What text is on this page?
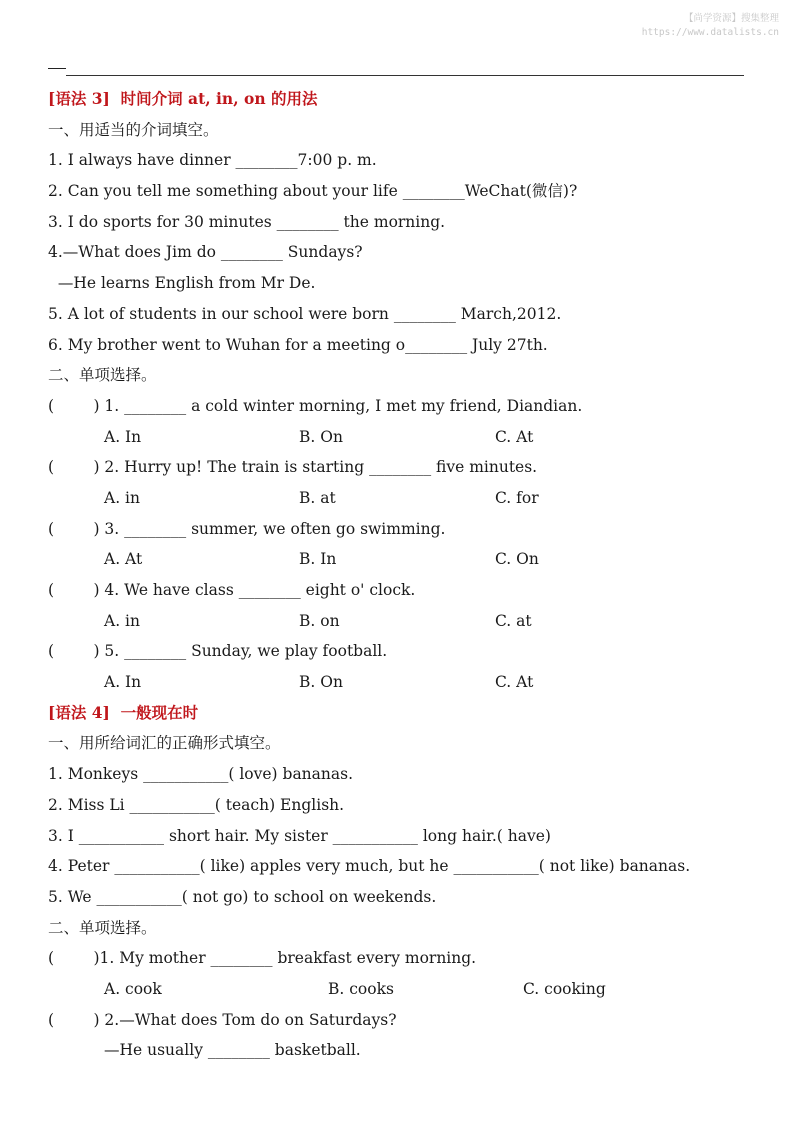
【尚学资源】搜集整理
https://www.datalists.cn
[语法 3]  时间介词 at, in, on 的用法
一、用适当的介词填空。
1. I always have dinner ________7:00 p. m.
2. Can you tell me something about your life ________WeChat(微信)?
3. I do sports for 30 minutes ________ the morning.
4.—What does Jim do ________ Sundays?
—He learns English from Mr De.
5. A lot of students in our school were born ________ March,2012.
6. My brother went to Wuhan for a meeting o________ July 27th.
二、单项选择。
(        ) 1. ________ a cold winter morning, I met my friend, Diandian.

A. In

	B. On

	C. At

(        ) 2. Hurry up! The train is starting ________ five minutes.

A. in

	B. at

	C. for

(        ) 3. ________ summer, we often go swimming.

A. At

	B. In

	C. On

(        ) 4. We have class ________ eight o' clock.

A. in

	B. on

	C. at

(        ) 5. ________ Sunday, we play football.

A. In

	B. On

	C. At

[语法 4]  一般现在时
一、用所给词汇的正确形式填空。
1. Monkeys ___________( love) bananas.
2. Miss Li ___________( teach) English.
3. I ___________ short hair. My sister ___________ long hair.( have)
4. Peter ___________( like) apples very much, but he ___________( not like) bananas.
5. We ___________( not go) to school on weekends.
二、单项选择。
(        )1. My mother ________ breakfast every morning.

A. cook

	B. cooks

	C. cooking

(        ) 2.—What does Tom do on Saturdays?
—He usually ________ basketball.
